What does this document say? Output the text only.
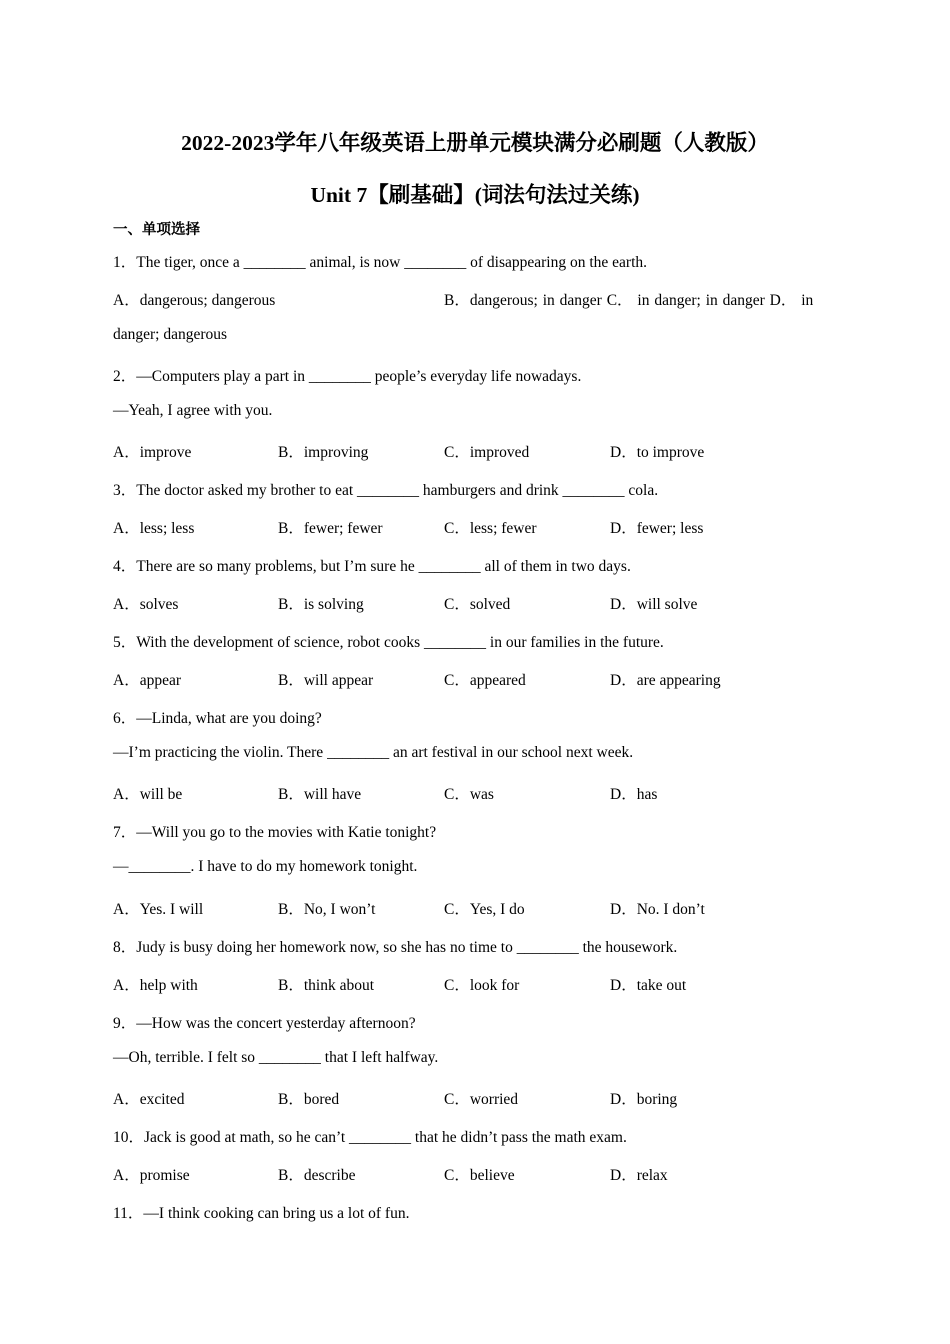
2022-2023学年八年级英语上册单元模块满分必刷题（人教版）
Unit 7【刷基础】(词法句法过关练)
一、单项选择
1．The tiger, once a ________ animal, is now ________ of disappearing on the earth.
A．dangerous; dangerous	B．dangerous; in danger C． in danger; in danger D． in
danger; dangerous
2．—Computers play a part in ________ people’s everyday life nowadays.
—Yeah, I agree with you.
A．improve	B．improving	C．improved	D．to improve
3．The doctor asked my brother to eat ________ hamburgers and drink ________ cola.
A．less; less	B．fewer; fewer	C．less; fewer	D．fewer; less
4．There are so many problems, but I’m sure he ________ all of them in two days.
A．solves	B．is solving	C．solved	D．will solve
5．With the development of science, robot cooks ________ in our families in the future.
A．appear	B．will appear	C．appeared	D．are appearing
6．—Linda, what are you doing?
—I’m practicing the violin. There ________ an art festival in our school next week.
A．will be	B．will have	C．was	D．has
7．—Will you go to the movies with Katie tonight?
—________. I have to do my homework tonight.
A．Yes. I will	B．No, I won’t	C．Yes, I do	D．No. I don’t
8．Judy is busy doing her homework now, so she has no time to ________ the housework.
A．help with	B．think about	C．look for	D．take out
9．—How was the concert yesterday afternoon?
—Oh, terrible. I felt so ________ that I left halfway.
A．excited	B．bored	C．worried	D．boring
10．Jack is good at math, so he can’t ________ that he didn’t pass the math exam.
A．promise	B．describe	C．believe	D．relax
11．—I think cooking can bring us a lot of fun.
